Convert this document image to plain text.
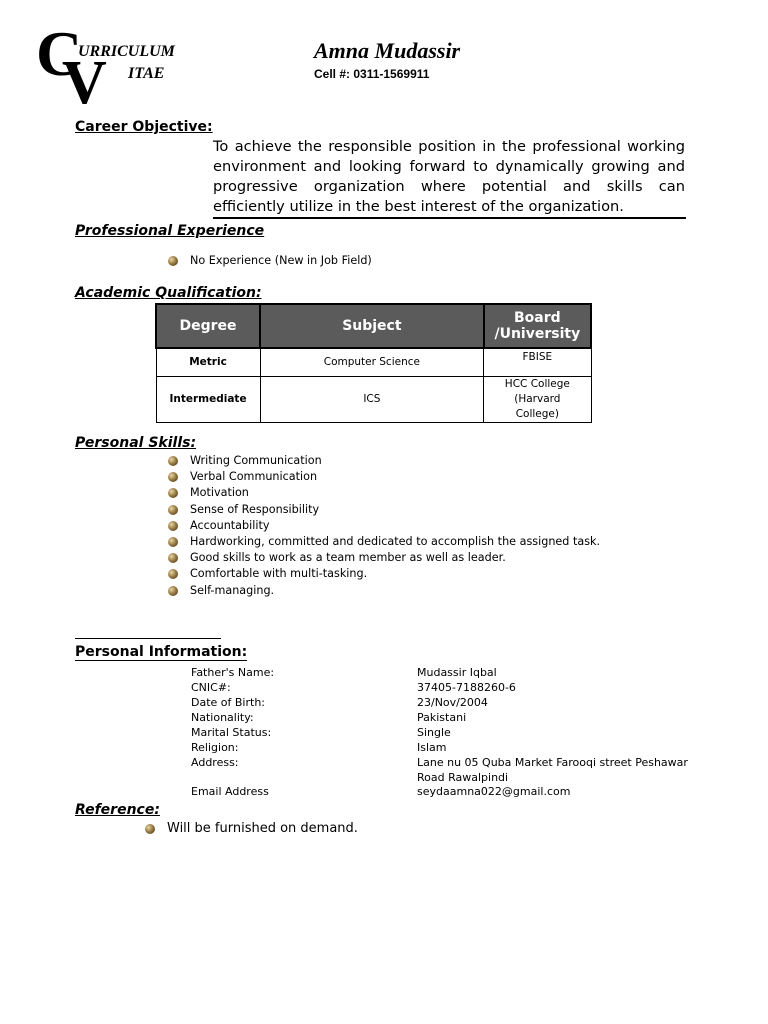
C
V
URRICULUM
ITAE
Amna Mudassir
Cell #: 0311-1569911
Career Objective:
To achieve the responsible position in the professional working environment and looking forward to dynamically growing and progressive organization where potential and skills can efficiently utilize in the best interest of the organization.
Professional Experience
No Experience (New in Job Field)
Academic Qualification:
Degree	Subject	Board /University
Metric	Computer Science	FBISE
Intermediate	ICS	HCC College (Harvard College)
Personal Skills:
Writing Communication
Verbal Communication
Motivation
Sense of Responsibility
Accountability
Hardworking, committed and dedicated to accomplish the assigned task.
Good skills to work as a team member as well as leader.
Comfortable with multi-tasking.
Self-managing.
Personal Information:
Father's Name:	Mudassir Iqbal
CNIC#:	37405-7188260-6
Date of Birth:	23/Nov/2004
Nationality:	Pakistani
Marital Status:	Single
Religion:	Islam
Address:	Lane nu 05 Quba Market Farooqi street Peshawar Road Rawalpindi
Email Address	seydaamna022@gmail.com
Reference:
Will be furnished on demand.
